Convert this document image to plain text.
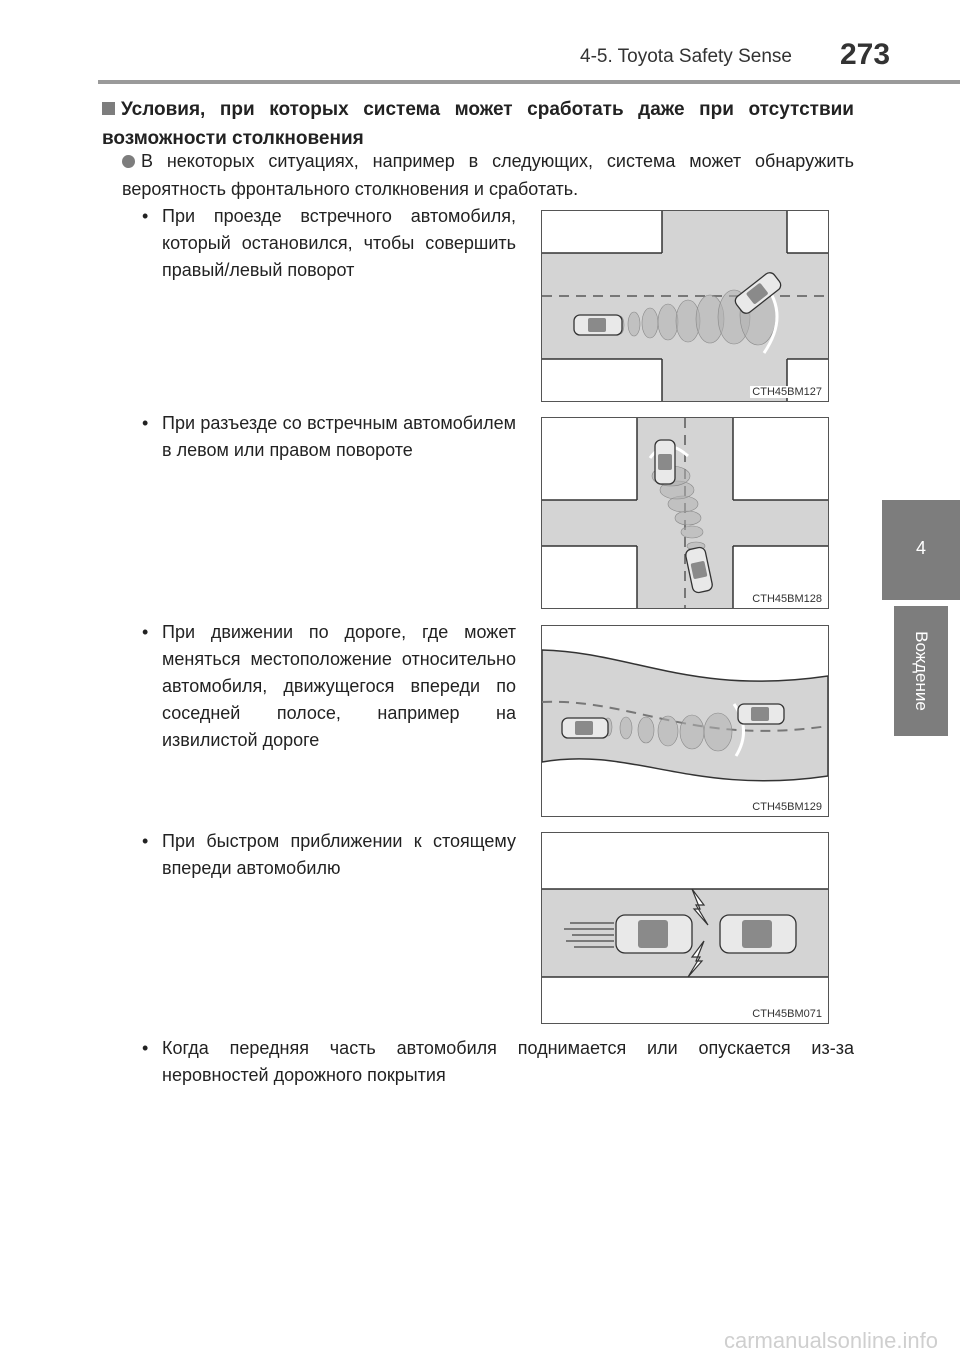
4-5. Toyota Safety Sense 273
4
Вождение
Условия, при которых система может сработать даже при отсутствии возможности столкновения
В некоторых ситуациях, например в следующих, система может обнаружить вероятность фронтального столкновения и сработать.
• При проезде встречного автомобиля, который остановился, чтобы совершить правый/левый поворот
CTH45BM127
• При разъезде со встречным автомобилем в левом или правом повороте
CTH45BM128
• При движении по дороге, где может меняться местоположение относительно автомобиля, движущегося впереди по соседней полосе, например на извилистой дороге
CTH45BM129
• При быстром приближении к стоящему впереди автомобилю
CTH45BM071
• Когда передняя часть автомобиля поднимается или опускается из-за неровностей дорожного покрытия
carmanualsonline.info
